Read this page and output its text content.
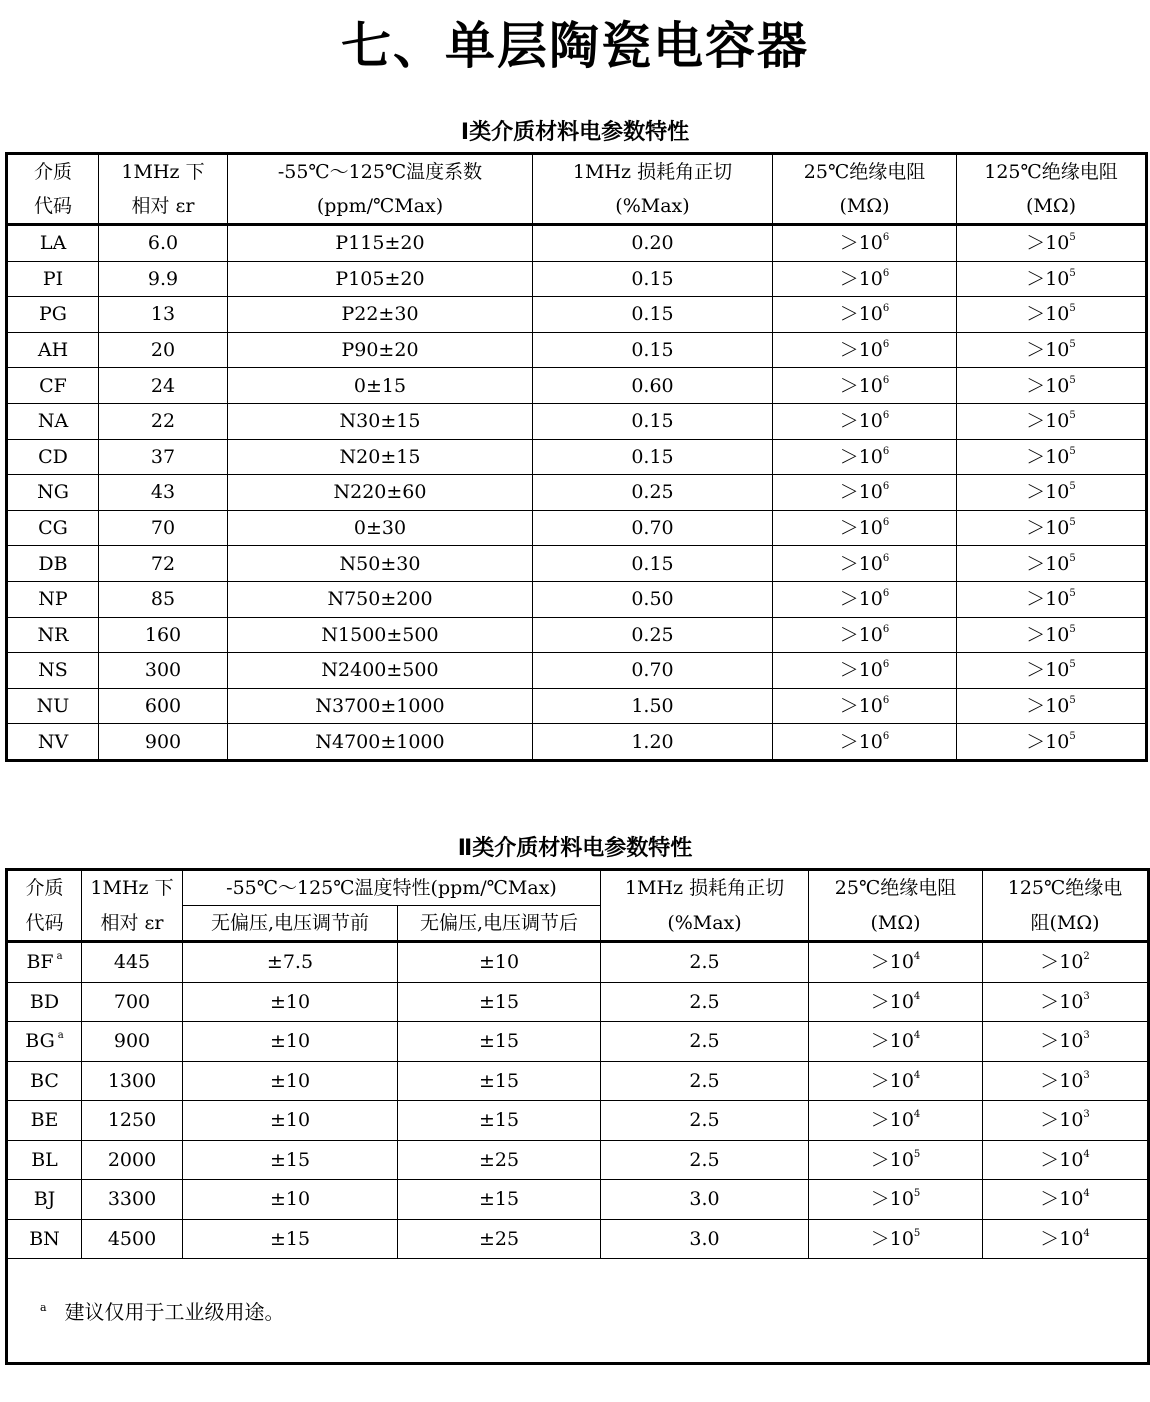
七、单层陶瓷电容器
Ⅰ类介质材料电参数特性
介质	1MHz 下	-55℃～125℃温度系数	1MHz 损耗角正切	25℃绝缘电阻	125℃绝缘电阻
代码	相对 εr	(ppm/℃Max)	(%Max)	(MΩ)	(MΩ)
LA	6.0	P115±20	0.20	$>10^6$	$>10^5$
PI	9.9	P105±20	0.15	$>10^6$	$>10^5$
PG	13	P22±30	0.15	$>10^6$	$>10^5$
AH	20	P90±20	0.15	$>10^6$	$>10^5$
CF	24	0±15	0.60	$>10^6$	$>10^5$
NA	22	N30±15	0.15	$>10^6$	$>10^5$
CD	37	N20±15	0.15	$>10^6$	$>10^5$
NG	43	N220±60	0.25	$>10^6$	$>10^5$
CG	70	0±30	0.70	$>10^6$	$>10^5$
DB	72	N50±30	0.15	$>10^6$	$>10^5$
NP	85	N750±200	0.50	$>10^6$	$>10^5$
NR	160	N1500±500	0.25	$>10^6$	$>10^5$
NS	300	N2400±500	0.70	$>10^6$	$>10^5$
NU	600	N3700±1000	1.50	$>10^6$	$>10^5$
NV	900	N4700±1000	1.20	$>10^6$	$>10^5$
Ⅱ类介质材料电参数特性
介质	1MHz 下	-55℃～125℃温度特性(ppm/℃Max)		1MHz 损耗角正切	25℃绝缘电阻	125℃绝缘电
代码	相对 εr	无偏压,电压调节前	无偏压,电压调节后	(%Max)	(MΩ)	阻(MΩ)
BF $^a$	445	±7.5	±10	2.5	$>10^4$	$>10^2$
BD	700	±10	±15	2.5	$>10^4$	$>10^3$
BG $^a$	900	±10	±15	2.5	$>10^4$	$>10^3$
BC	1300	±10	±15	2.5	$>10^4$	$>10^3$
BE	1250	±10	±15	2.5	$>10^4$	$>10^3$
BL	2000	±15	±25	2.5	$>10^5$	$>10^4$
BJ	3300	±10	±15	3.0	$>10^5$	$>10^4$
BN	4500	±15	±25	3.0	$>10^5$	$>10^4$
$^a$ 建议仅用于工业级用途。						
